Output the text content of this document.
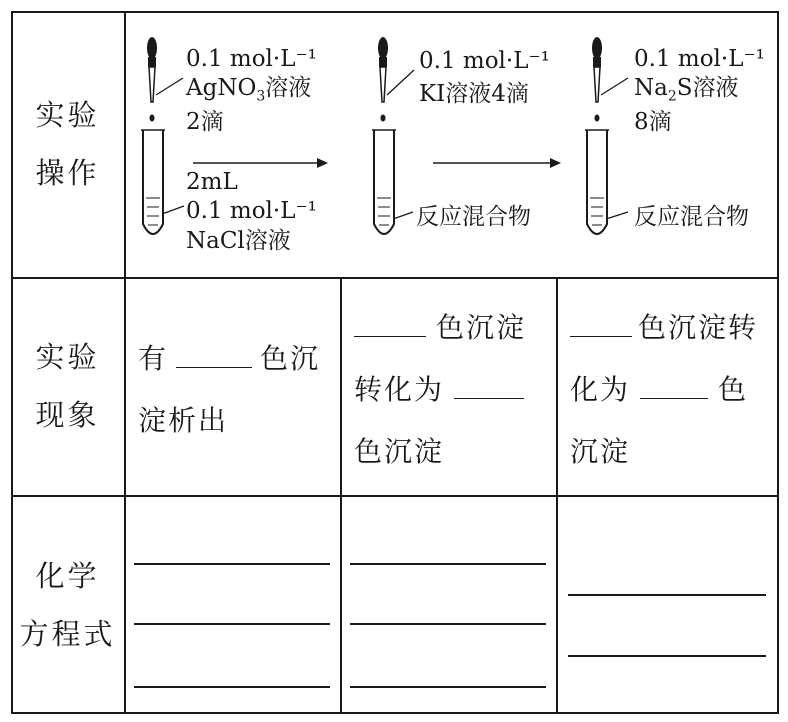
实验
操作
实验
现象
化学
方程式
0.1 mol·L⁻¹
AgNO$_3$溶液
2滴
2mL
0.1 mol·L⁻¹
NaCl溶液
0.1 mol·L⁻¹
KI溶液4滴
反应混合物
0.1 mol·L⁻¹
$Na_2S$溶液
8滴
反应混合物
有	色沉
淀析出
色沉淀
转化为
色沉淀
色沉淀转
化为	色
沉淀
